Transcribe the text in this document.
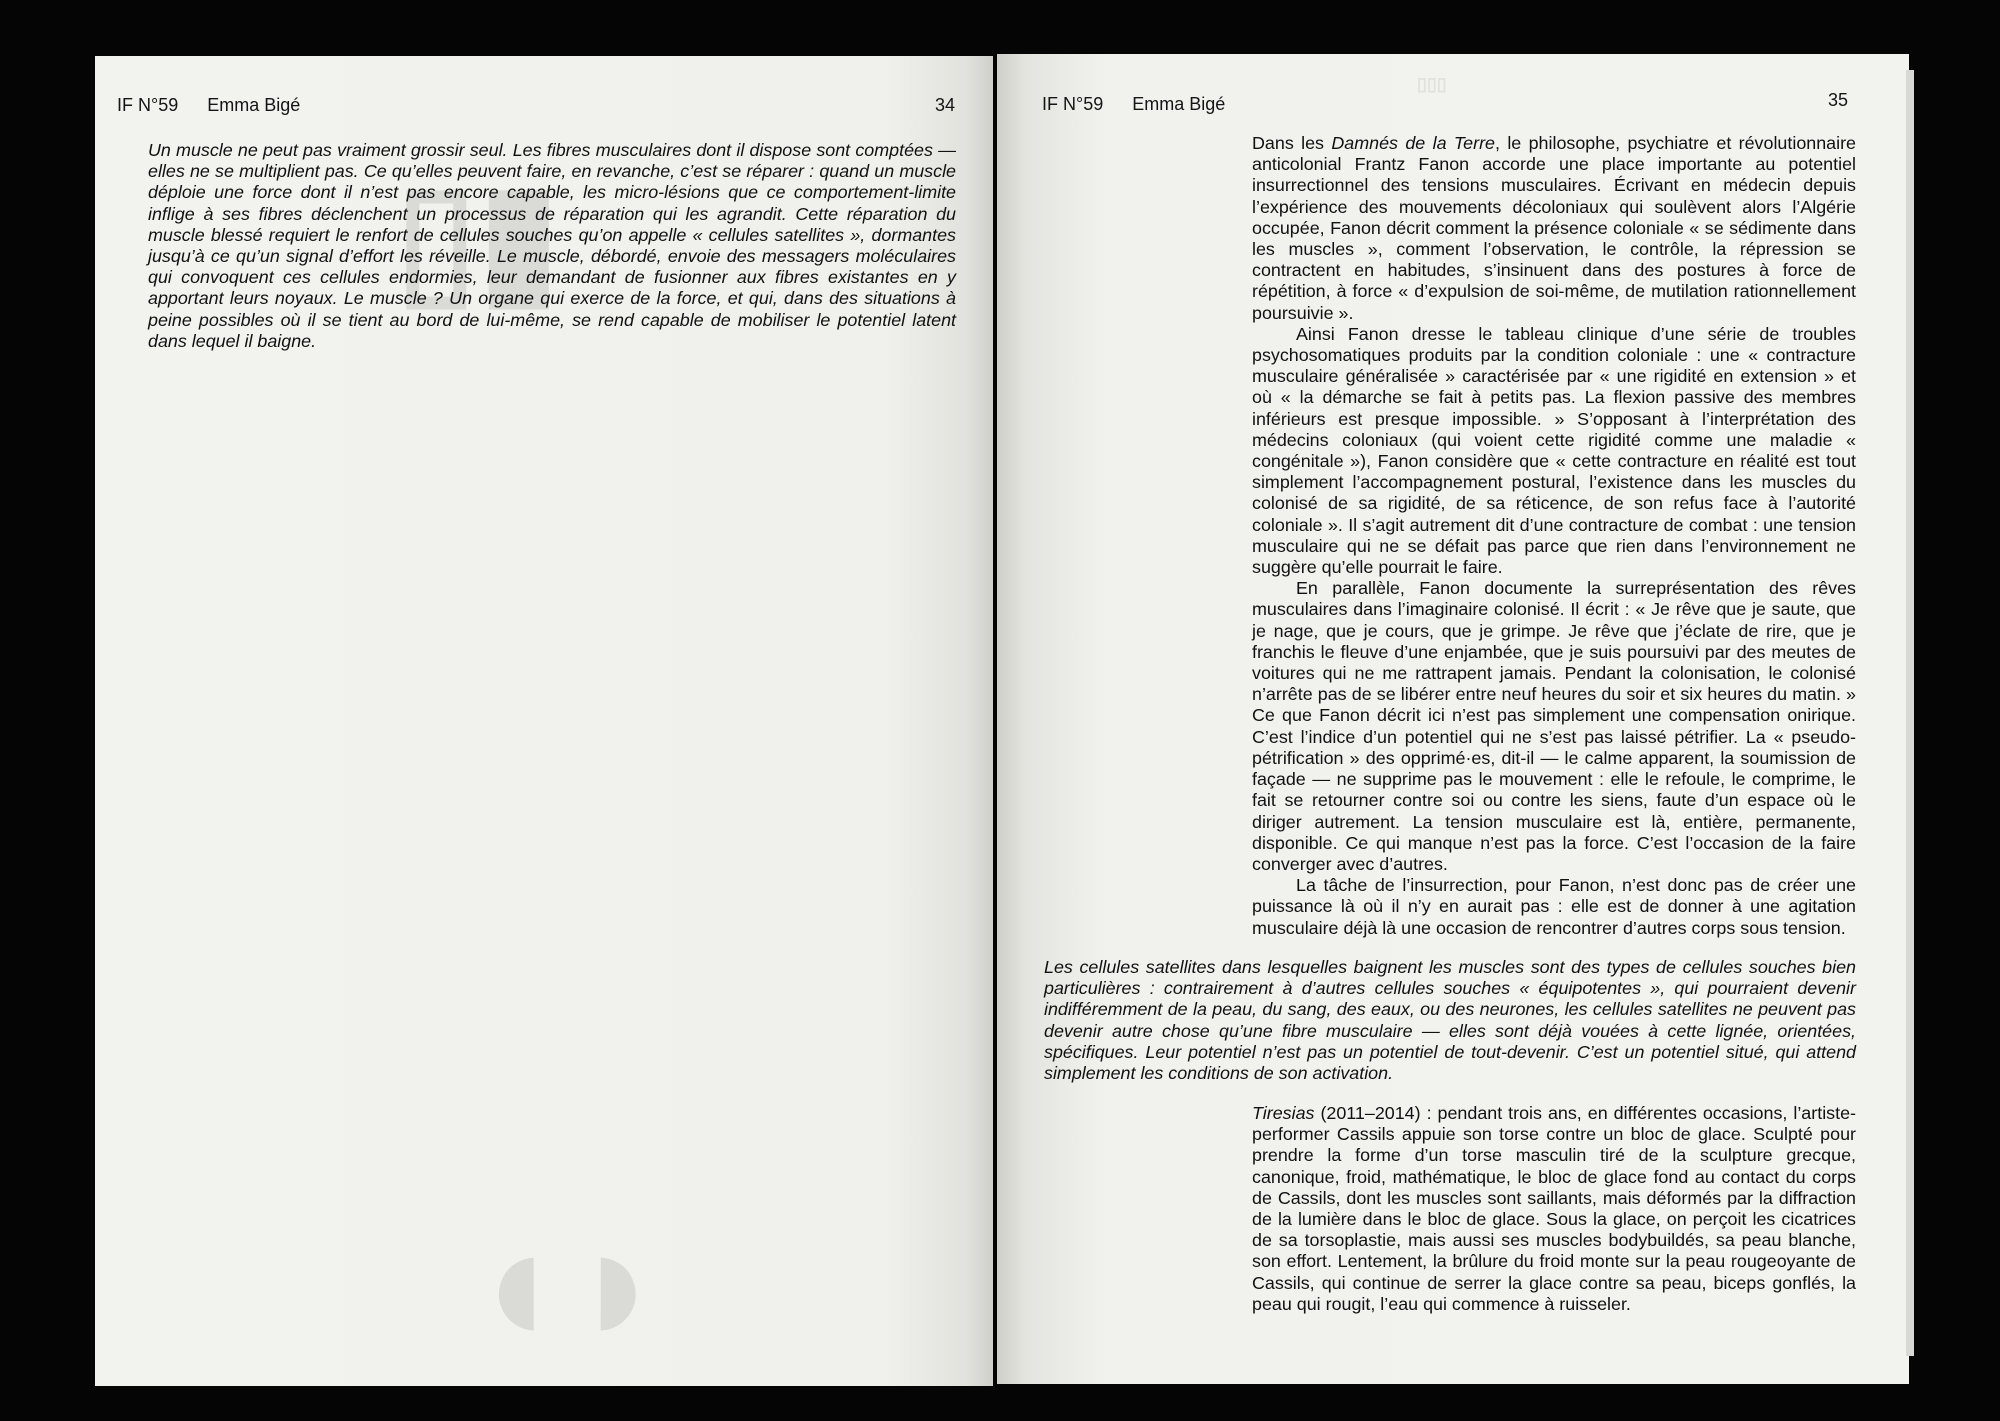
▮▯
◖◗
▯▯▯
IF N°59 Emma Bigé	34	IF N°59 Emma Bigé	35
Un muscle ne peut pas vraiment grossir seul. Les fibres musculaires dont il dispose sont comptées — elles ne se multiplient pas. Ce qu’elles peuvent faire, en revanche, c’est se réparer : quand un muscle déploie une force dont il n’est pas encore capable, les micro-lésions que ce comportement-limite inflige à ses fibres déclenchent un processus de réparation qui les agrandit. Cette réparation du muscle blessé requiert le renfort de cellules souches qu’on appelle « cellules satellites », dormantes jusqu’à ce qu’un signal d’effort les réveille. Le muscle, débordé, envoie des messagers moléculaires qui convoquent ces cellules endormies, leur demandant de fusionner aux fibres existantes en y apportant leurs noyaux. Le muscle ? Un organe qui exerce de la force, et qui, dans des situations à peine possibles où il se tient au bord de lui-même, se rend capable de mobiliser le potentiel latent dans lequel il baigne.

Dans les Damnés de la Terre, le philosophe, psychiatre et révolutionnaire anticolonial Frantz Fanon accorde une place importante au potentiel insurrectionnel des tensions musculaires. Écrivant en médecin depuis l’expérience des mouvements décoloniaux qui soulèvent alors l’Algérie occupée, Fanon décrit comment la présence coloniale « se sédimente dans les muscles », comment l’observation, le contrôle, la répression se contractent en habitudes, s’insinuent dans des postures à force de répétition, à force « d’expulsion de soi-même, de mutilation rationnellement poursuivie ».

Ainsi Fanon dresse le tableau clinique d’une série de troubles psychosomatiques produits par la condition coloniale : une « contracture musculaire généralisée » caractérisée par « une rigidité en extension » et où « la démarche se fait à petits pas. La flexion passive des membres inférieurs est presque impossible. » S’opposant à l’interprétation des médecins coloniaux (qui voient cette rigidité comme une maladie « congénitale »), Fanon considère que « cette contracture en réalité est tout simplement l’accompagnement postural, l’existence dans les muscles du colonisé de sa rigidité, de sa réticence, de son refus face à l’autorité coloniale ». Il s’agit autrement dit d’une contracture de combat : une tension musculaire qui ne se défait pas parce que rien dans l’environnement ne suggère qu’elle pourrait le faire.

En parallèle, Fanon documente la surreprésentation des rêves musculaires dans l’imaginaire colonisé. Il écrit : « Je rêve que je saute, que je nage, que je cours, que je grimpe. Je rêve que j’éclate de rire, que je franchis le fleuve d’une enjambée, que je suis poursuivi par des meutes de voitures qui ne me rattrapent jamais. Pendant la colonisation, le colonisé n’arrête pas de se libérer entre neuf heures du soir et six heures du matin. » Ce que Fanon décrit ici n’est pas simplement une compensation onirique. C’est l’indice d’un potentiel qui ne s’est pas laissé pétrifier. La « pseudo-pétrification » des opprimé·es, dit-il — le calme apparent, la soumission de façade — ne supprime pas le mouvement : elle le refoule, le comprime, le fait se retourner contre soi ou contre les siens, faute d’un espace où le diriger autrement. La tension musculaire est là, entière, permanente, disponible. Ce qui manque n’est pas la force. C’est l’occasion de la faire converger avec d’autres.

La tâche de l’insurrection, pour Fanon, n’est donc pas de créer une puissance là où il n’y en aurait pas : elle est de donner à une agitation musculaire déjà là une occasion de rencontrer d’autres corps sous tension.

Les cellules satellites dans lesquelles baignent les muscles sont des types de cellules souches bien particulières : contrairement à d’autres cellules souches « équipotentes », qui pourraient devenir indifféremment de la peau, du sang, des eaux, ou des neurones, les cellules satellites ne peuvent pas devenir autre chose qu’une fibre musculaire — elles sont déjà vouées à cette lignée, orientées, spécifiques. Leur potentiel n’est pas un potentiel de tout-devenir. C’est un potentiel situé, qui attend simplement les conditions de son activation.
Tiresias (2011–2014) : pendant trois ans, en différentes occasions, l’artiste-performer Cassils appuie son torse contre un bloc de glace. Sculpté pour prendre la forme d’un torse masculin tiré de la sculpture grecque, canonique, froid, mathématique, le bloc de glace fond au contact du corps de Cassils, dont les muscles sont saillants, mais déformés par la diffraction de la lumière dans le bloc de glace. Sous la glace, on perçoit les cicatrices de sa torsoplastie, mais aussi ses muscles bodybuildés, sa peau blanche, son effort. Lentement, la brûlure du froid monte sur la peau rougeoyante de Cassils, qui continue de serrer la glace contre sa peau, biceps gonflés, la peau qui rougit, l’eau qui commence à ruisseler.
